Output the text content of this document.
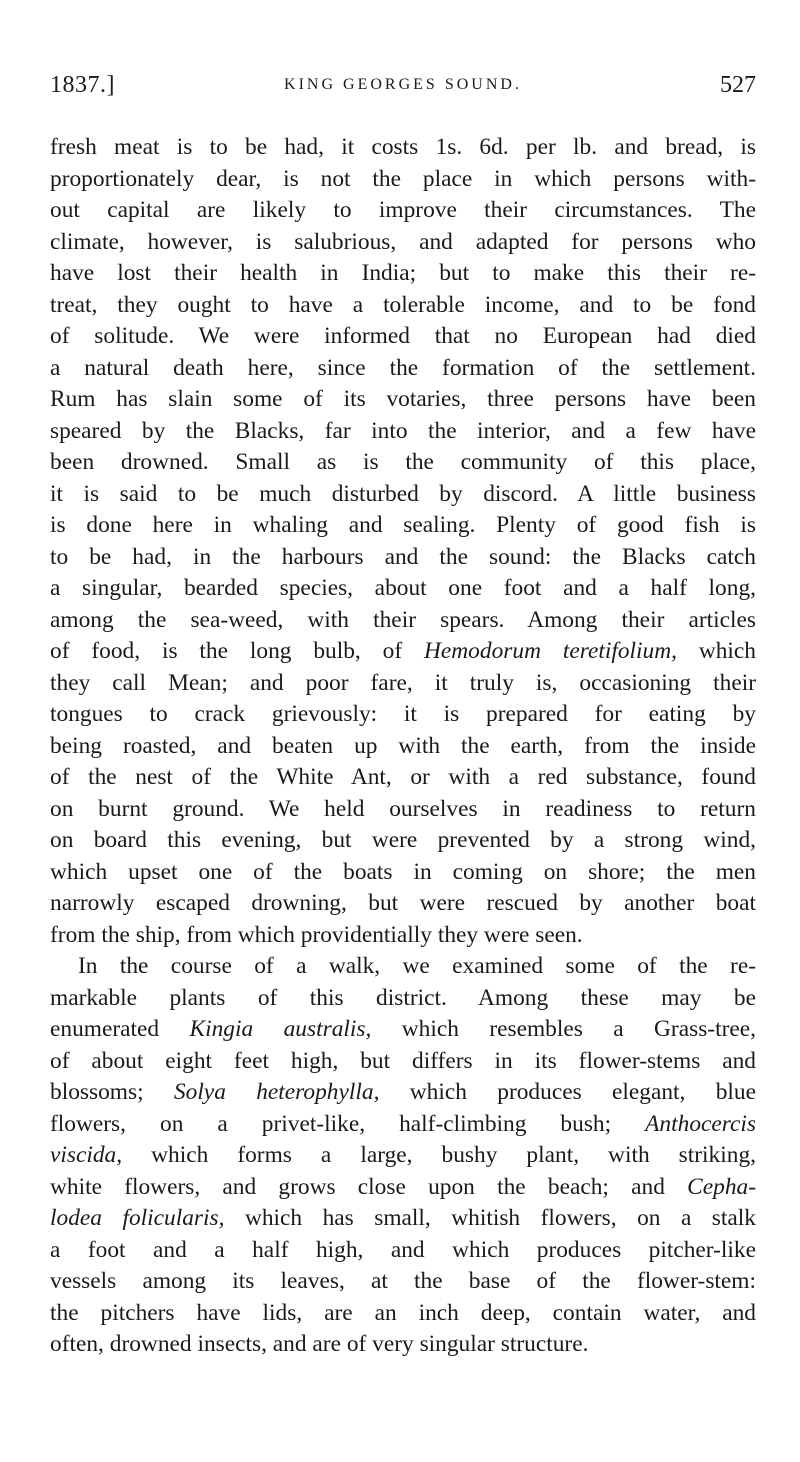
1837.]	KING GEORGES SOUND.	527

fresh meat is to be had, it costs 1s. 6d. per lb. and bread, is
proportionately dear, is not the place in which persons with-
out capital are likely to improve their circumstances. The
climate, however, is salubrious, and adapted for persons who
have lost their health in India; but to make this their re-
treat, they ought to have a tolerable income, and to be fond
of solitude. We were informed that no European had died
a natural death here, since the formation of the settlement.
Rum has slain some of its votaries, three persons have been
speared by the Blacks, far into the interior, and a few have
been drowned. Small as is the community of this place,
it is said to be much disturbed by discord. A little business
is done here in whaling and sealing. Plenty of good fish is
to be had, in the harbours and the sound: the Blacks catch
a singular, bearded species, about one foot and a half long,
among the sea-weed, with their spears. Among their articles
of food, is the long bulb, of Hemodorum teretifolium, which
they call Mean; and poor fare, it truly is, occasioning their
tongues to crack grievously: it is prepared for eating by
being roasted, and beaten up with the earth, from the inside
of the nest of the White Ant, or with a red substance, found
on burnt ground. We held ourselves in readiness to return
on board this evening, but were prevented by a strong wind,
which upset one of the boats in coming on shore; the men
narrowly escaped drowning, but were rescued by another boat
from the ship, from which providentially they were seen.

In the course of a walk, we examined some of the re-
markable plants of this district. Among these may be
enumerated Kingia australis, which resembles a Grass-tree,
of about eight feet high, but differs in its flower-stems and
blossoms; Solya heterophylla, which produces elegant, blue
flowers, on a privet-like, half-climbing bush; Anthocercis
viscida, which forms a large, bushy plant, with striking,
white flowers, and grows close upon the beach; and Cepha-
lodea folicularis, which has small, whitish flowers, on a stalk
a foot and a half high, and which produces pitcher-like
vessels among its leaves, at the base of the flower-stem:
the pitchers have lids, are an inch deep, contain water, and
often, drowned insects, and are of very singular structure.
